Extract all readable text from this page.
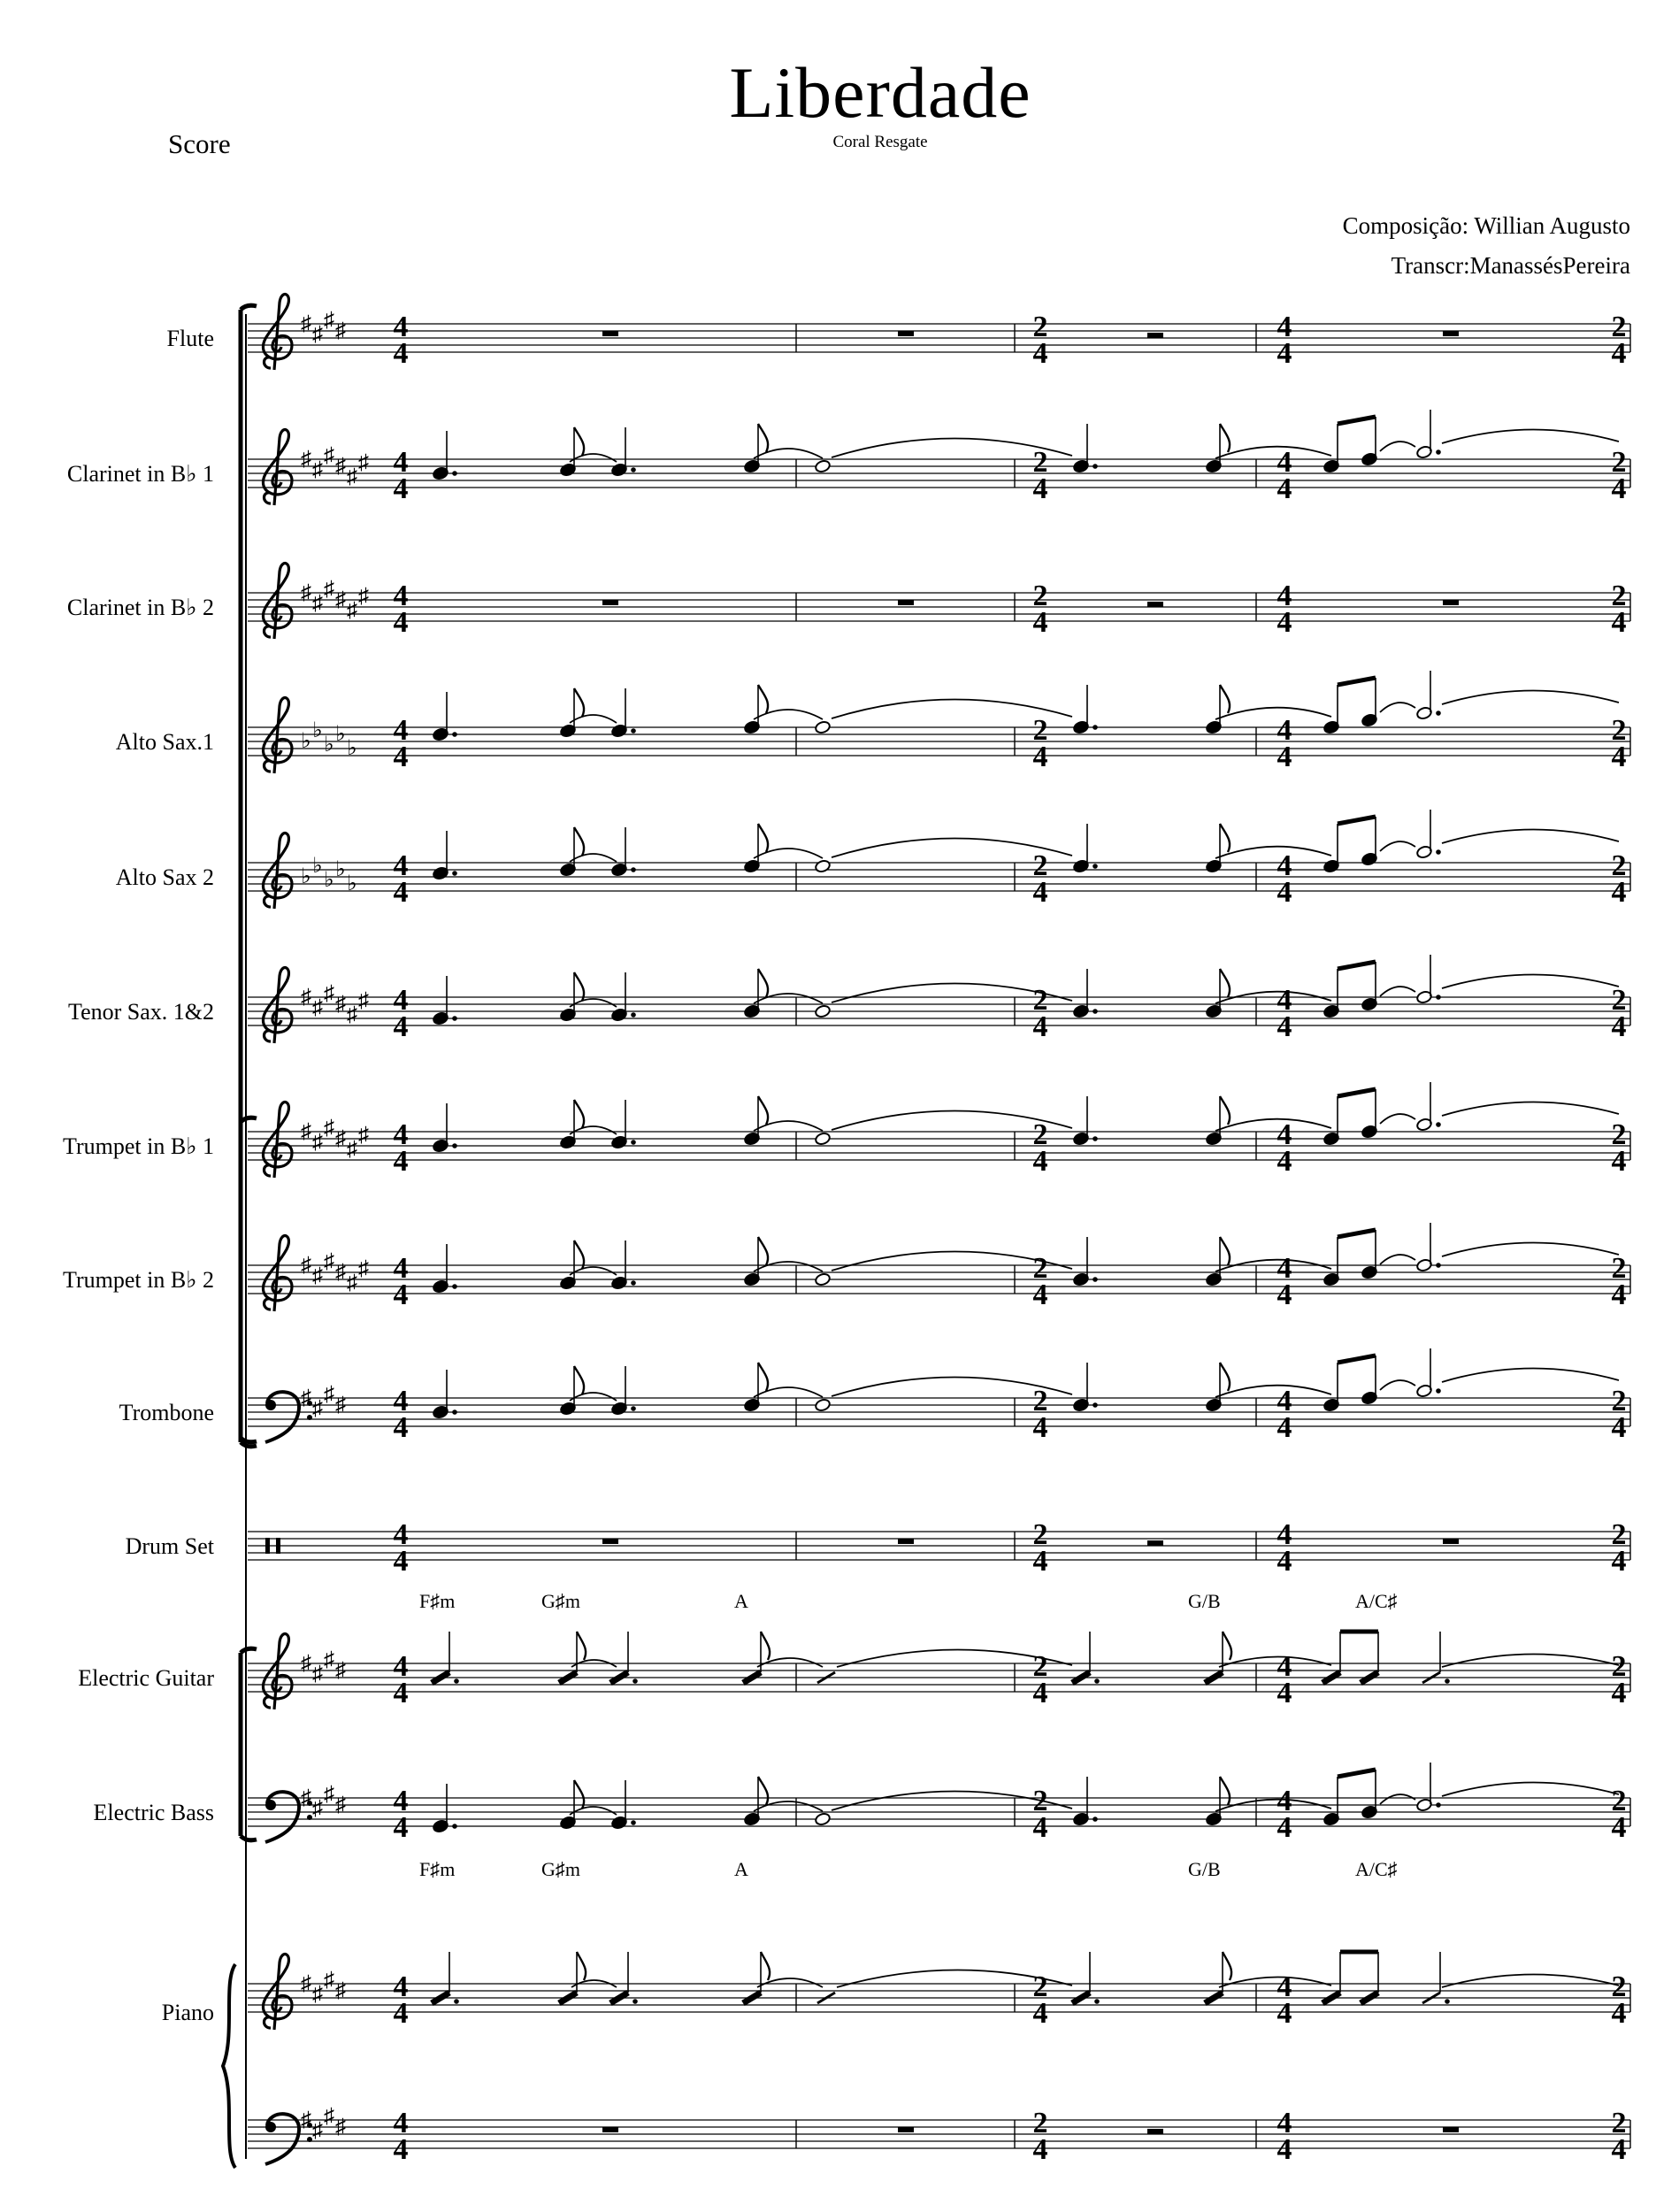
Score
Liberdade
Coral Resgate
Composição: Willian Augusto
Transcr:ManassésPereira
Flute
Clarinet in B♭ 1
Clarinet in B♭ 2
Alto Sax.1
Alto Sax 2
Tenor Sax. 1&2
Trumpet in B♭ 1
Trumpet in B♭ 2
Trombone
Drum Set
Electric Guitar
Electric Bass
Piano
F♯m	G♯m	A	G/B	A/C♯
F♯m	G♯m	A	G/B	A/C♯
4
4
2
4
4
4
2
4
4
4
2
4
4
4
2
4
4
4
2
4
4
4
2
4
4
4
2
4
4
4
2
4
4
4
2
4
4
4
2
4
4
4
2
4
4
4
2
4
4
4
2
4
4
4
2
4
4
4
2
4
4
4
2
4
4
4
2
4
4
4
2
4
4
4
2
4
4
4
2
4
4
4
2
4
4
4
2
4
4
4
2
4
4
4
2
4
4
4
2
4
4
4
2
4
4
4
2
4
4
4
2
4
♯ ♯
♯ ♯
♯ ♯
♯ ♯ ♯
♯
♯ ♯
♯ ♯ ♯
♯
♭ ♭
♭ ♭
♭
♭ ♭
♭ ♭
♭
♯ ♯
♯ ♯ ♯
♯
♯ ♯
♯ ♯ ♯
♯
♯ ♯
♯ ♯ ♯
♯
♯ ♯
♯ ♯
♯ ♯
♯ ♯
♯ ♯
♯ ♯
♯ ♯
♯ ♯
♯ ♯
♯ ♯
